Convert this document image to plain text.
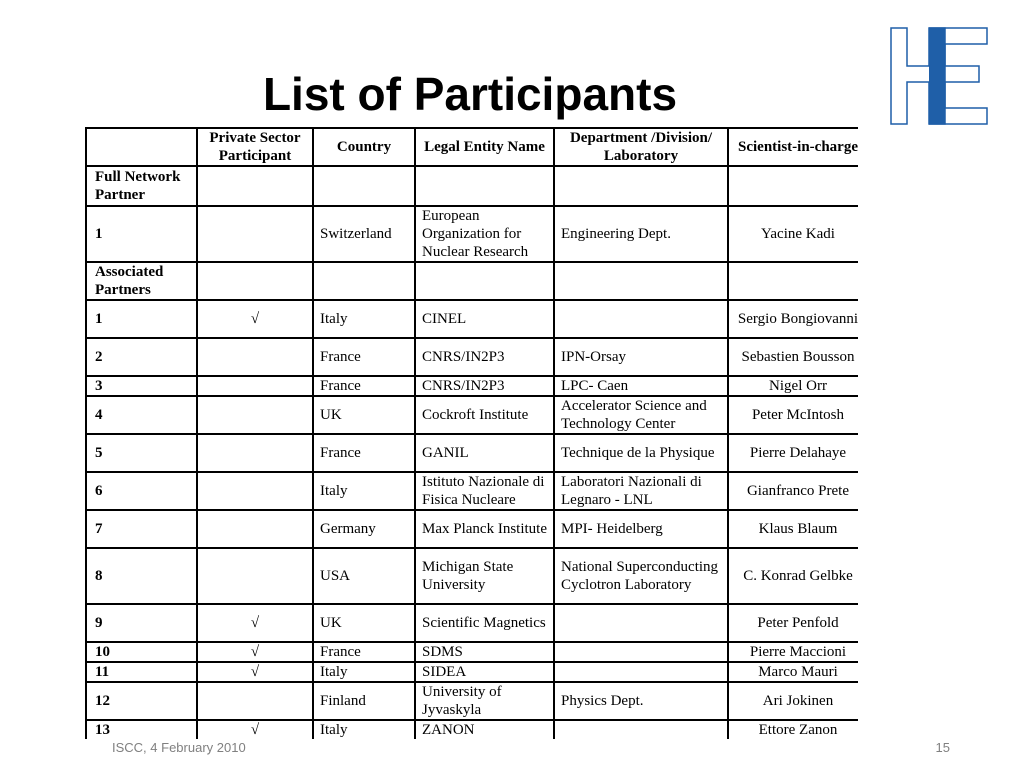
List of Participants
	Private Sector Participant	Country	Legal Entity Name	Department /Division/ Laboratory	Scientist-in-charge
Full Network Partner					
1		Switzerland	European Organization for Nuclear Research	Engineering Dept.	Yacine Kadi
Associated Partners					
1	√	Italy	CINEL		Sergio Bongiovanni
2		France	CNRS/IN2P3	IPN-Orsay	Sebastien Bousson
3		France	CNRS/IN2P3	LPC- Caen	Nigel Orr
4		UK	Cockroft Institute	Accelerator Science and Technology Center	Peter McIntosh
5		France	GANIL	Technique de la Physique	Pierre Delahaye
6		Italy	Istituto Nazionale di Fisica Nucleare	Laboratori Nazionali di Legnaro - LNL	Gianfranco Prete
7		Germany	Max Planck Institute	MPI- Heidelberg	Klaus Blaum
8		USA	Michigan State University	National Superconducting Cyclotron Laboratory	C. Konrad Gelbke
9	√	UK	Scientific Magnetics		Peter Penfold
10	√	France	SDMS		Pierre Maccioni
11	√	Italy	SIDEA		Marco Mauri
12		Finland	University of Jyvaskyla	Physics Dept.	Ari Jokinen
13	√	Italy	ZANON		Ettore Zanon
ISCC, 4 February 2010	15
